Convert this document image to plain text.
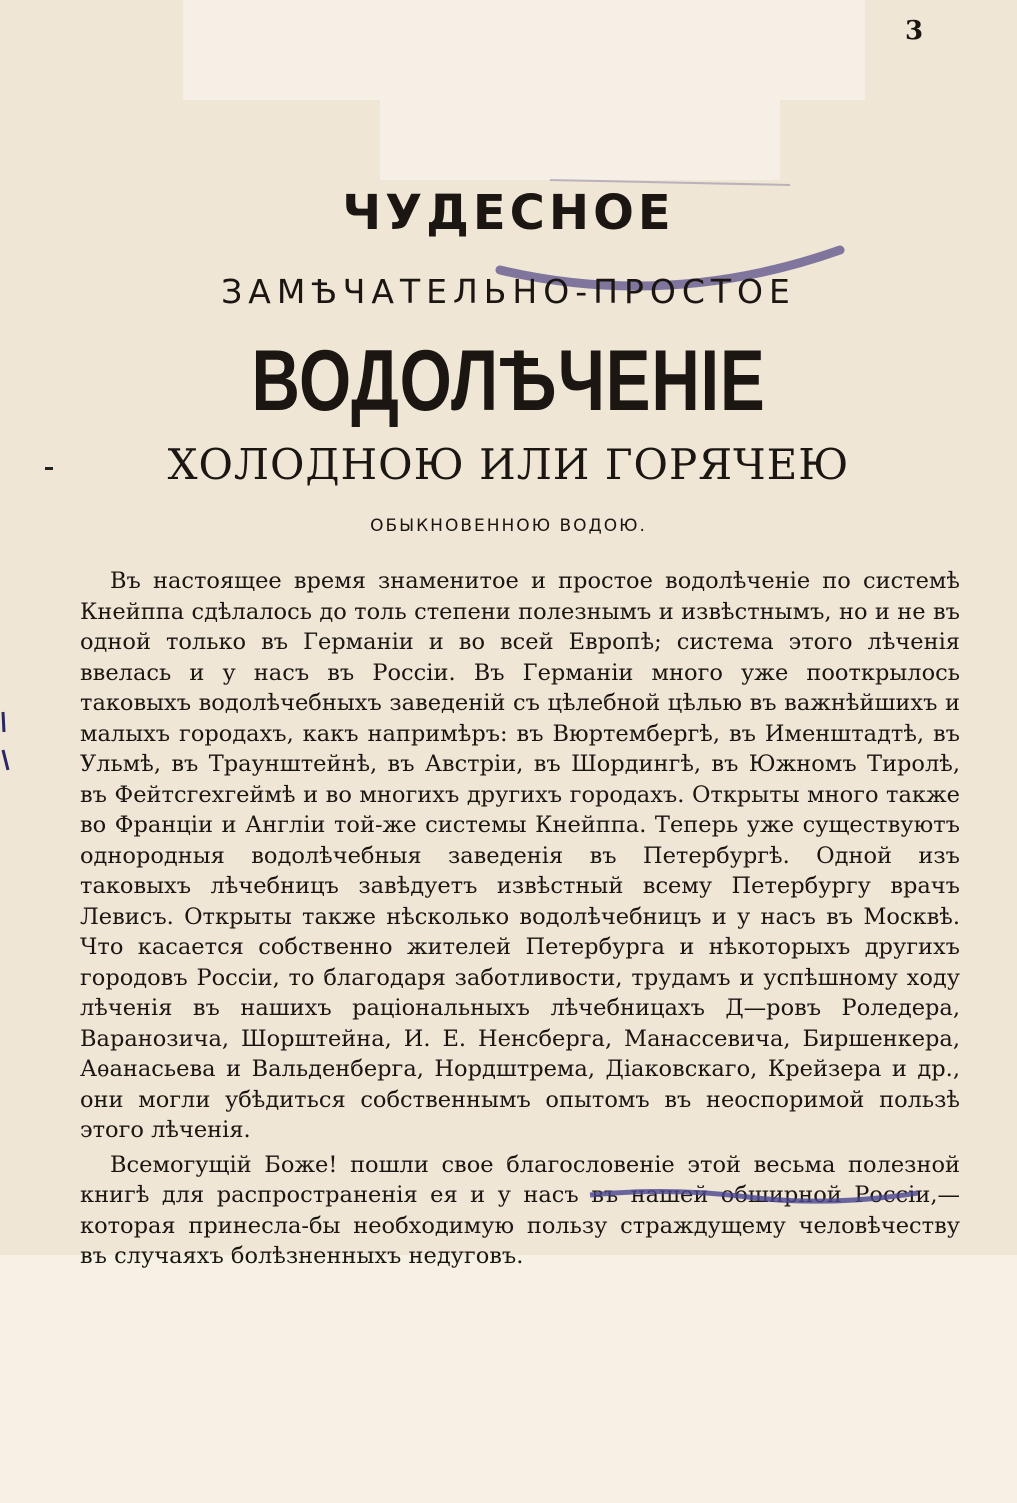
3
ЧУДЕСНОЕ
ЗАМѢЧАТЕЛЬНО-ПРОСТОЕ
ВОДОЛѢЧЕНІЕ
ХОЛОДНОЮ ИЛИ ГОРЯЧЕЮ
ОБЫКНОВЕННОЮ ВОДОЮ.

Въ настоящее время знаменитое и простое водолѣченіе по системѣ Кнейппа сдѣлалось до толь степени полезнымъ и извѣстнымъ, но и не въ одной только въ Германіи и во всей Европѣ; система этого лѣченія ввелась и у насъ въ Россіи. Въ Германіи много уже пооткрылось таковыхъ водолѣчебныхъ заведеній съ цѣлебной цѣлью въ важнѣйшихъ и малыхъ городахъ, какъ напримѣръ: въ Вюртембергѣ, въ Именштадтѣ, въ Ульмѣ, въ Траунштейнѣ, въ Австріи, въ Шордингѣ, въ Южномъ Тиролѣ, въ Фейтсгехгеймѣ и во многихъ другихъ городахъ. Открыты много также во Франціи и Англіи той-же системы Кнейппа. Теперь уже существуютъ однородныя водолѣчебныя заведенія въ Петербургѣ. Одной изъ таковыхъ лѣчебницъ завѣдуетъ извѣстный всему Петербургу врачъ Левисъ. Открыты также нѣсколько водолѣчебницъ и у насъ въ Москвѣ. Что касается собственно жителей Петербурга и нѣкоторыхъ другихъ городовъ Россіи, то благодаря заботливости, трудамъ и успѣшному ходу лѣченія въ нашихъ раціональныхъ лѣчебницахъ Д—ровъ Роледера, Варанозича, Шорштейна, И. Е. Ненсберга, Манассевича, Биршенкера, Аѳанасьева и Вальденберга, Нордштрема, Діаковскаго, Крейзера и др., они могли убѣдиться собственнымъ опытомъ въ неоспоримой пользѣ этого лѣченія.

Всемогущій Боже! пошли свое благословеніе этой весьма полезной книгѣ для распространенія ея и у насъ въ нашей обширной Россіи,— которая принесла-бы необходимую пользу страждущему человѣчеству въ случаяхъ болѣзненныхъ недуговъ.
